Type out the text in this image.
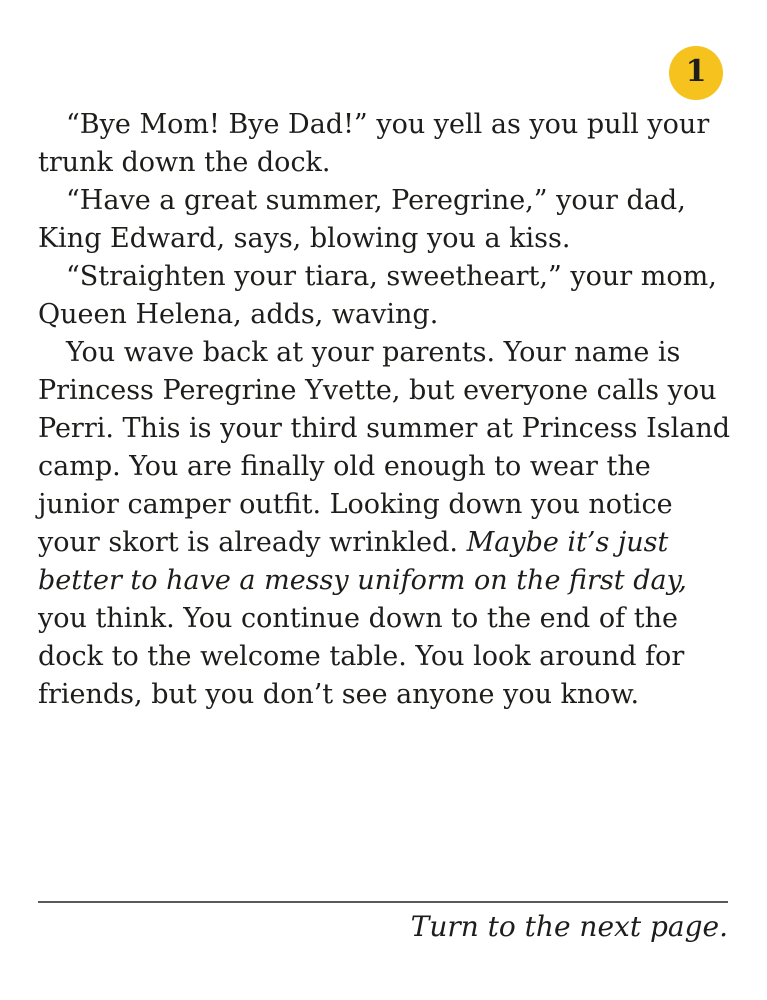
1

“Bye Mom! Bye Dad!” you yell as you pull your trunk down the dock.

“Have a great summer, Peregrine,” your dad, King Edward, says, blowing you a kiss.

“Straighten your tiara, sweetheart,” your mom, Queen Helena, adds, waving.

You wave back at your parents. Your name is Princess Peregrine Yvette, but everyone calls you Perri. This is your third summer at Princess Island camp. You are finally old enough to wear the junior camper outfit. Looking down you notice your skort is already wrinkled. Maybe it’s just better to have a messy uniform on the first day, you think. You continue down to the end of the dock to the welcome table. You look around for friends, but you don’t see anyone you know.

Turn to the next page.
